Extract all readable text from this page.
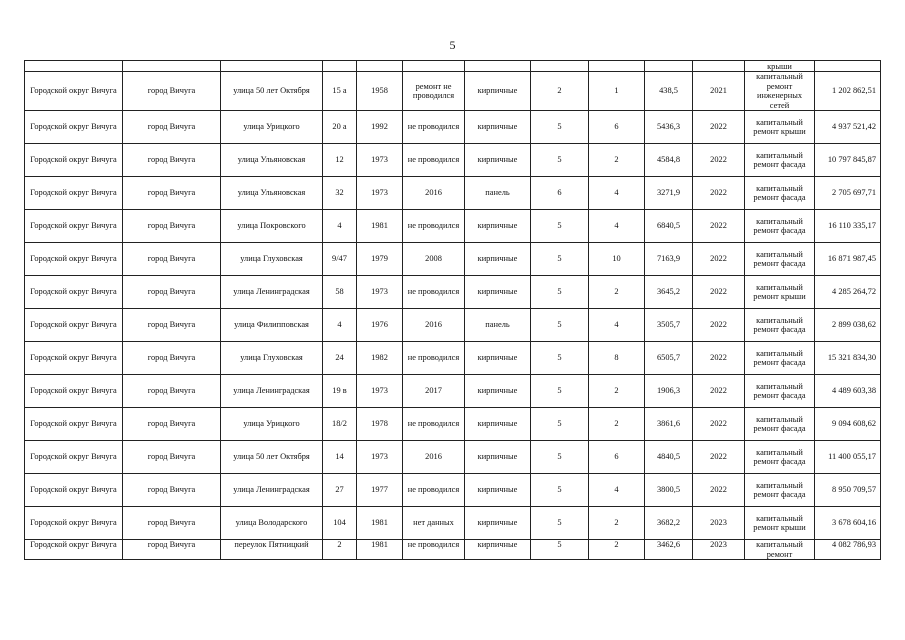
5
											крыши	
Городской округ Вичуга	город Вичуга	улица 50 лет Октября	15 а	1958	ремонт не проводился	кирпичные	2	1	438,5	2021	капитальный ремонт инженерных сетей	1 202 862,51
Городской округ Вичуга	город Вичуга	улица Урицкого	20 а	1992	не проводился	кирпичные	5	6	5436,3	2022	капитальный ремонт крыши	4 937 521,42
Городской округ Вичуга	город Вичуга	улица Ульяновская	12	1973	не проводился	кирпичные	5	2	4584,8	2022	капитальный ремонт фасада	10 797 845,87
Городской округ Вичуга	город Вичуга	улица Ульяновская	32	1973	2016	панель	6	4	3271,9	2022	капитальный ремонт фасада	2 705 697,71
Городской округ Вичуга	город Вичуга	улица Покровского	4	1981	не проводился	кирпичные	5	4	6840,5	2022	капитальный ремонт фасада	16 110 335,17
Городской округ Вичуга	город Вичуга	улица Глуховская	9/47	1979	2008	кирпичные	5	10	7163,9	2022	капитальный ремонт фасада	16 871 987,45
Городской округ Вичуга	город Вичуга	улица Ленинградская	58	1973	не проводился	кирпичные	5	2	3645,2	2022	капитальный ремонт крыши	4 285 264,72
Городской округ Вичуга	город Вичуга	улица Филипповская	4	1976	2016	панель	5	4	3505,7	2022	капитальный ремонт фасада	2 899 038,62
Городской округ Вичуга	город Вичуга	улица Глуховская	24	1982	не проводился	кирпичные	5	8	6505,7	2022	капитальный ремонт фасада	15 321 834,30
Городской округ Вичуга	город Вичуга	улица Ленинградская	19 в	1973	2017	кирпичные	5	2	1906,3	2022	капитальный ремонт фасада	4 489 603,38
Городской округ Вичуга	город Вичуга	улица Урицкого	18/2	1978	не проводился	кирпичные	5	2	3861,6	2022	капитальный ремонт фасада	9 094 608,62
Городской округ Вичуга	город Вичуга	улица 50 лет Октября	14	1973	2016	кирпичные	5	6	4840,5	2022	капитальный ремонт фасада	11 400 055,17
Городской округ Вичуга	город Вичуга	улица Ленинградская	27	1977	не проводился	кирпичные	5	4	3800,5	2022	капитальный ремонт фасада	8 950 709,57
Городской округ Вичуга	город Вичуга	улица Володарского	104	1981	нет данных	кирпичные	5	2	3682,2	2023	капитальный ремонт крыши	3 678 604,16
Городской округ Вичуга	город Вичуга	переулок Пятницкий	2	1981	не проводился	кирпичные	5	2	3462,6	2023	капитальный ремонт	4 082 786,93
